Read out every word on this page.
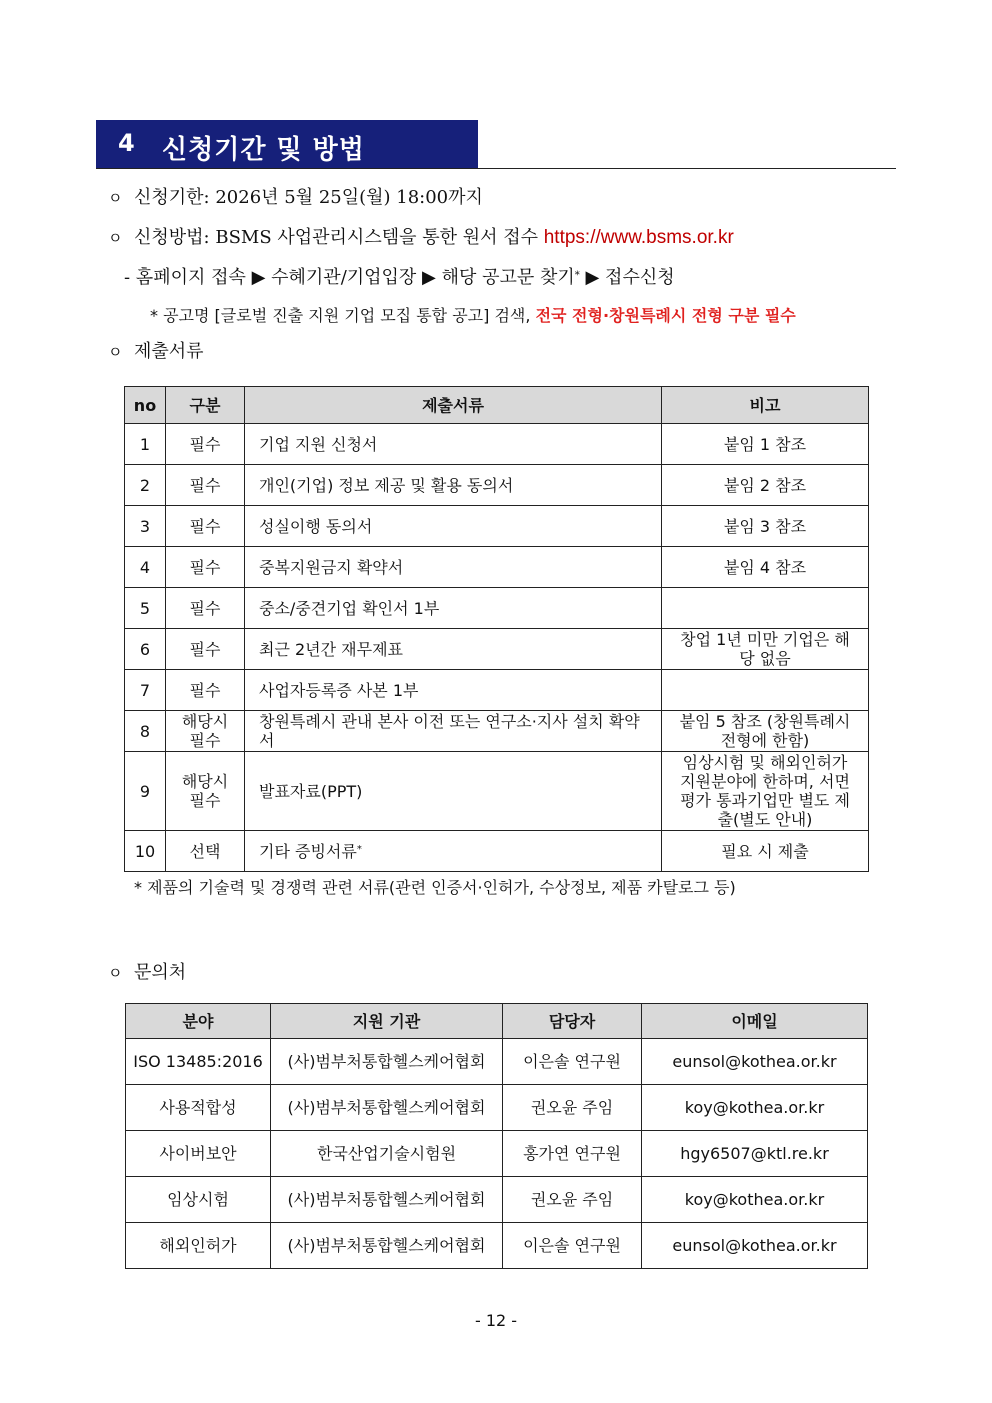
4 신청기간 및 방법
ㅇ 신청기한: 2026년 5월 25일(월) 18:00까지
ㅇ 신청방법: BSMS 사업관리시스템을 통한 원서 접수 https://www.bsms.or.kr
- 홈페이지 접속 ▶ 수혜기관/기업입장 ▶ 해당 공고문 찾기* ▶ 접수신청
* 공고명 [글로벌 진출 지원 기업 모집 통합 공고] 검색, 전국 전형·창원특례시 전형 구분 필수
ㅇ 제출서류
no	구분	제출서류	비고
1	필수	기업 지원 신청서	붙임 1 참조
2	필수	개인(기업) 정보 제공 및 활용 동의서	붙임 2 참조
3	필수	성실이행 동의서	붙임 3 참조
4	필수	중복지원금지 확약서	붙임 4 참조
5	필수	중소/중견기업 확인서 1부	
6	필수	최근 2년간 재무제표	창업 1년 미만 기업은 해당 없음
7	필수	사업자등록증 사본 1부	
8	해당시 필수	창원특례시 관내 본사 이전 또는 연구소·지사 설치 확약서	붙임 5 참조 (창원특례시 전형에 한함)
9	해당시 필수	발표자료(PPT)	임상시험 및 해외인허가 지원분야에 한하며, 서면평가 통과기업만 별도 제출(별도 안내)
10	선택	기타 증빙서류*	필요 시 제출
* 제품의 기술력 및 경쟁력 관련 서류(관련 인증서·인허가, 수상정보, 제품 카탈로그 등)
ㅇ 문의처
분야	지원 기관	담당자	이메일
ISO 13485:2016	(사)범부처통합헬스케어협회	이은솔 연구원	eunsol@kothea.or.kr
사용적합성	(사)범부처통합헬스케어협회	권오윤 주임	koy@kothea.or.kr
사이버보안	한국산업기술시험원	홍가연 연구원	hgy6507@ktl.re.kr
임상시험	(사)범부처통합헬스케어협회	권오윤 주임	koy@kothea.or.kr
해외인허가	(사)범부처통합헬스케어협회	이은솔 연구원	eunsol@kothea.or.kr
- 12 -
